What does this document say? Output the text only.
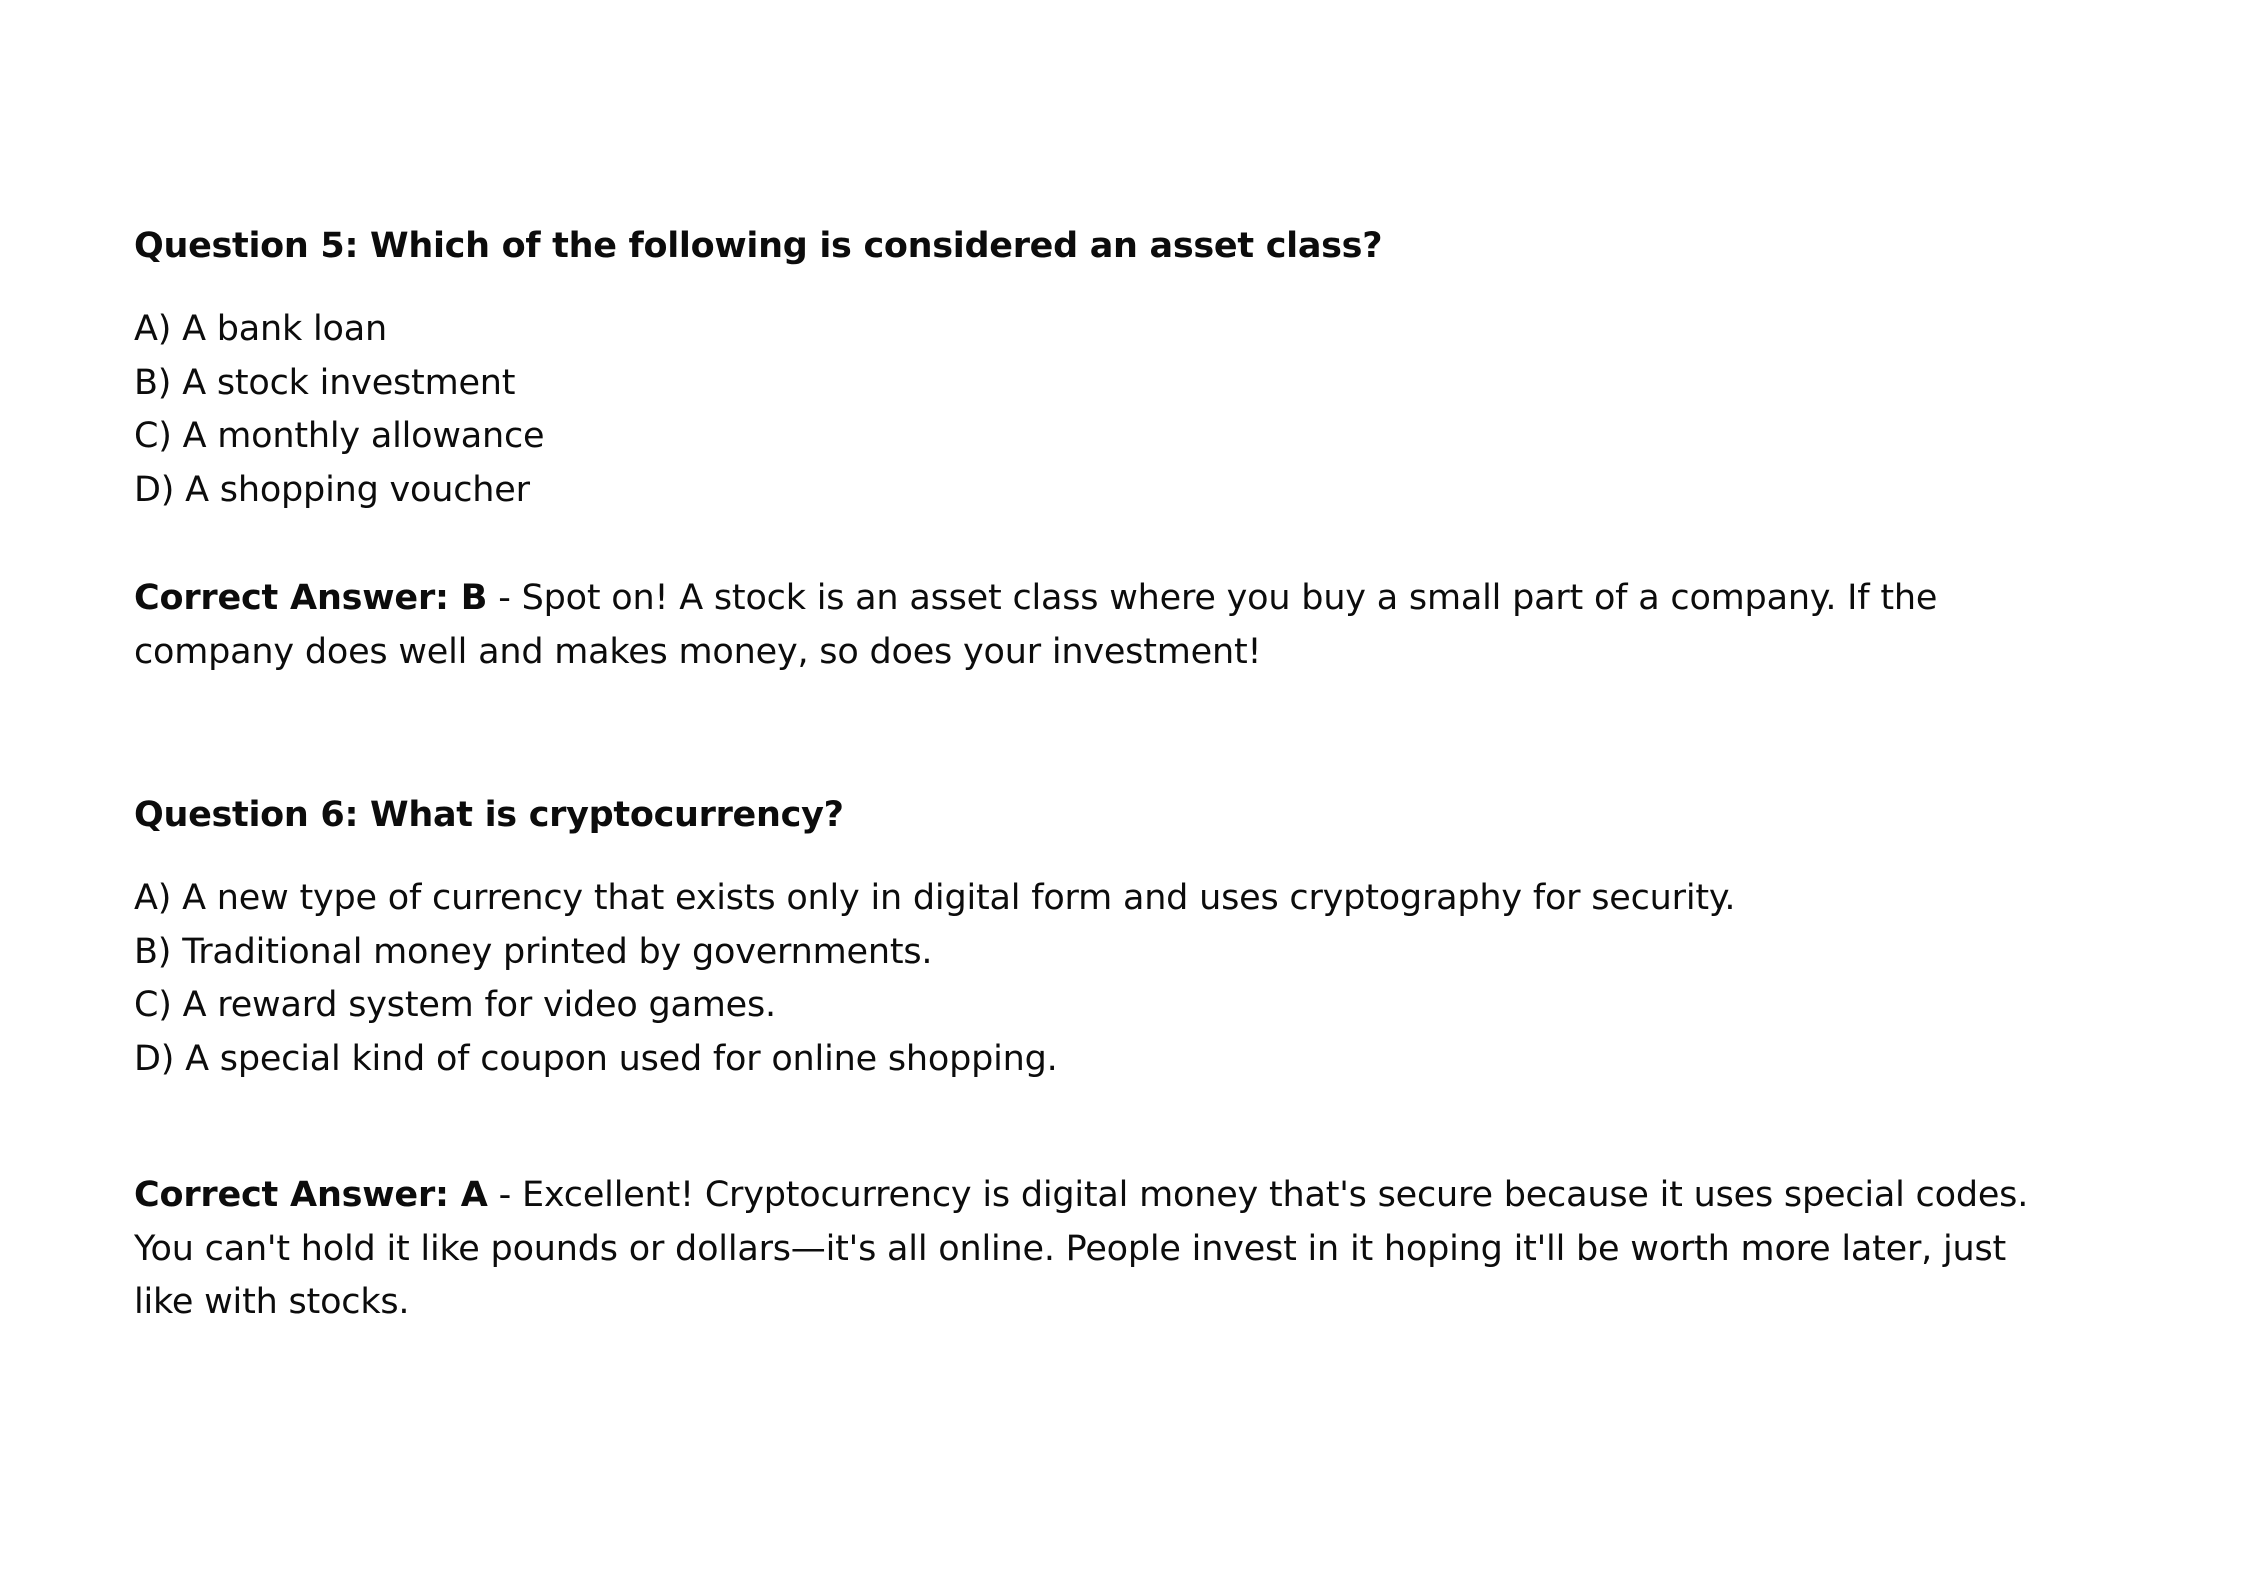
Question 5: Which of the following is considered an asset class?

A) A bank loan
B) A stock investment
C) A monthly allowance
D) A shopping voucher

Correct Answer: B - Spot on! A stock is an asset class where you buy a small part of a company. If the company does well and makes money, so does your investment!

Question 6: What is cryptocurrency?

A) A new type of currency that exists only in digital form and uses cryptography for security.
B) Traditional money printed by governments.
C) A reward system for video games.
D) A special kind of coupon used for online shopping.

Correct Answer: A - Excellent! Cryptocurrency is digital money that's secure because it uses special codes. You can't hold it like pounds or dollars—it's all online. People invest in it hoping it'll be worth more later, just like with stocks.
